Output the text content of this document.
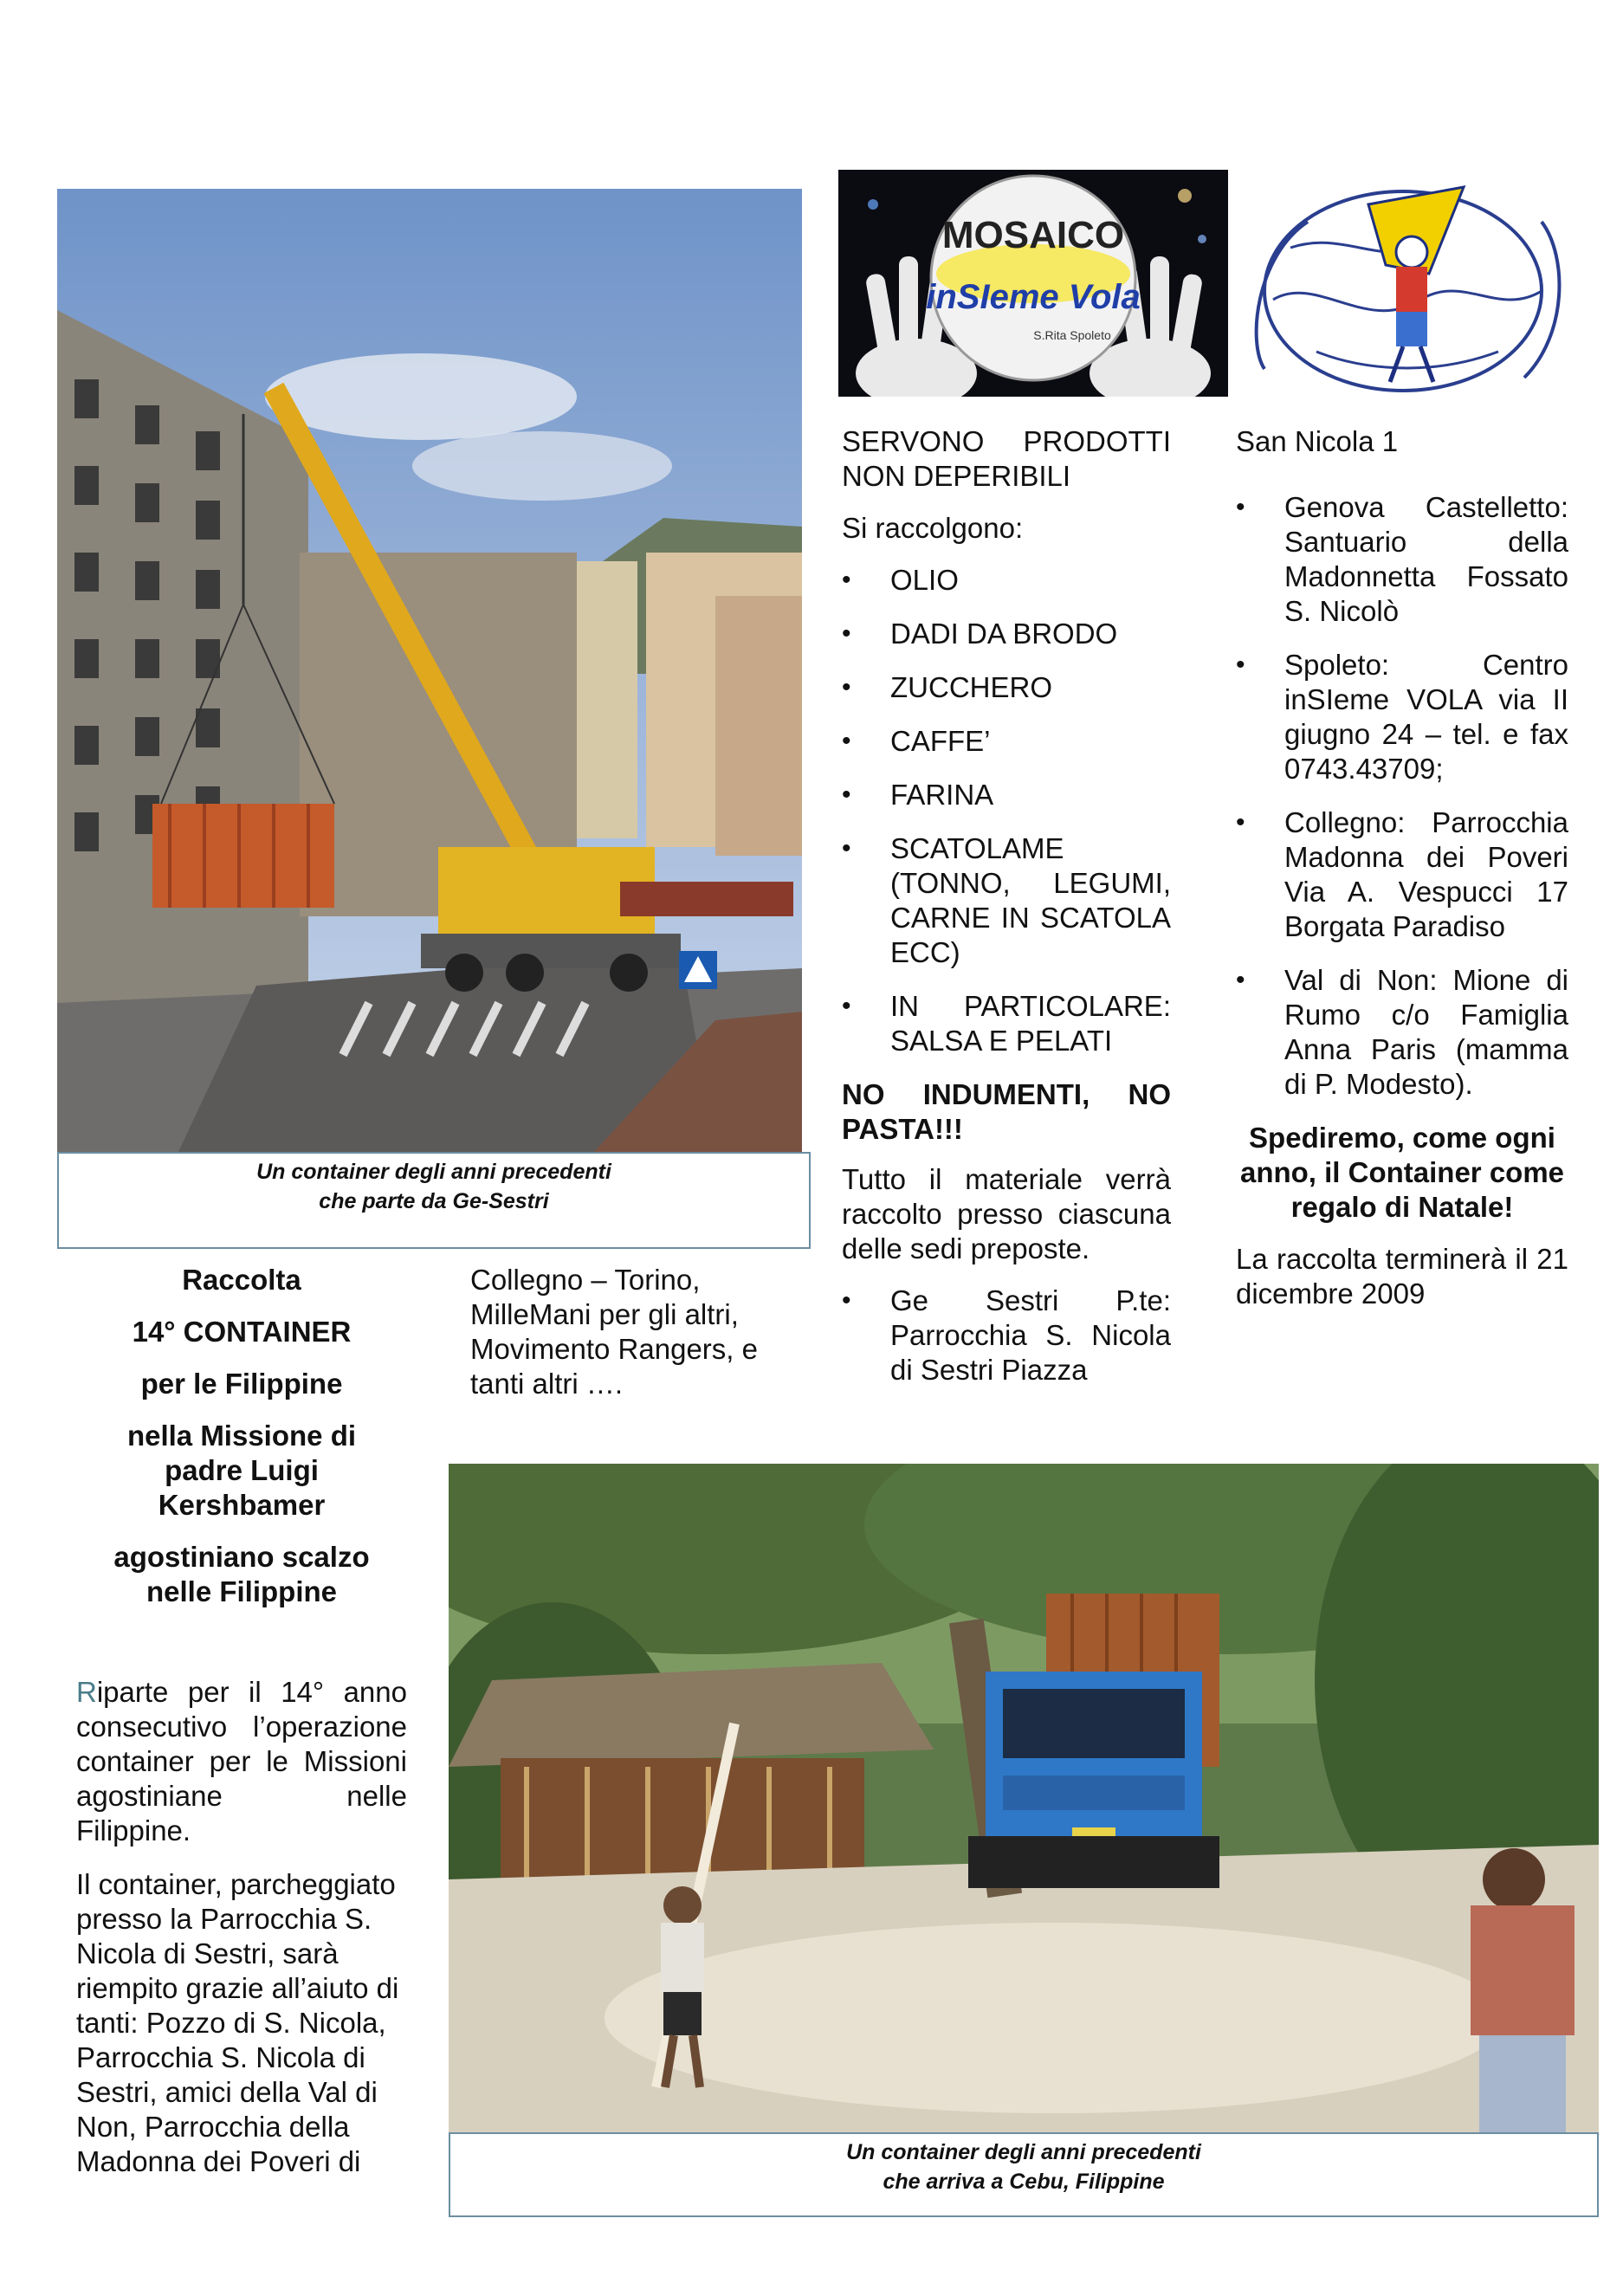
Un container degli anni precedenti
che parte da Ge-Sestri
MOSAICO
inSIeme Vola
S.Rita Spoleto

SERVONO PRODOTTI NON DEPERIBILI

Si raccolgono:

• OLIO
• DADI DA BRODO
• ZUCCHERO
• CAFFE’
• FARINA
• SCATOLAME (TONNO, LEGUMI, CARNE IN SCATOLA ECC)
• IN PARTICOLARE: SALSA E PELATI

NO INDUMENTI, NO PASTA!!!

Tutto il materiale verrà raccolto presso ciascuna delle sedi preposte.

• Ge Sestri P.te: Parrocchia S. Nicola di Sestri Piazza

San Nicola 1

• Genova Castelletto: Santuario della Madonnetta Fossato S. Nicolò
• Spoleto: Centro inSIeme VOLA via II giugno 24 – tel. e fax 0743.43709;
• Collegno: Parrocchia Madonna dei Poveri Via A. Vespucci 17 Borgata Paradiso
• Val di Non: Mione di Rumo c/o Famiglia Anna Paris (mamma di P. Modesto).

Spediremo, come ogni anno, il Container come regalo di Natale!

La raccolta terminerà il 21 dicembre 2009

Raccolta

14° CONTAINER

per le Filippine

nella Missione di padre Luigi Kershbamer

agostiniano scalzo nelle Filippine

Riparte per il 14° anno consecutivo l’operazione container per le Missioni agostiniane nelle Filippine.

Il container, parcheggiato presso la Parrocchia S. Nicola di Sestri, sarà riempito grazie all’aiuto di tanti: Pozzo di S. Nicola, Parrocchia S. Nicola di Sestri, amici della Val di Non, Parrocchia della Madonna dei Poveri di

Collegno – Torino, MilleMani per gli altri, Movimento Rangers, e tanti altri ….

Un container degli anni precedenti
che arriva a Cebu, Filippine
